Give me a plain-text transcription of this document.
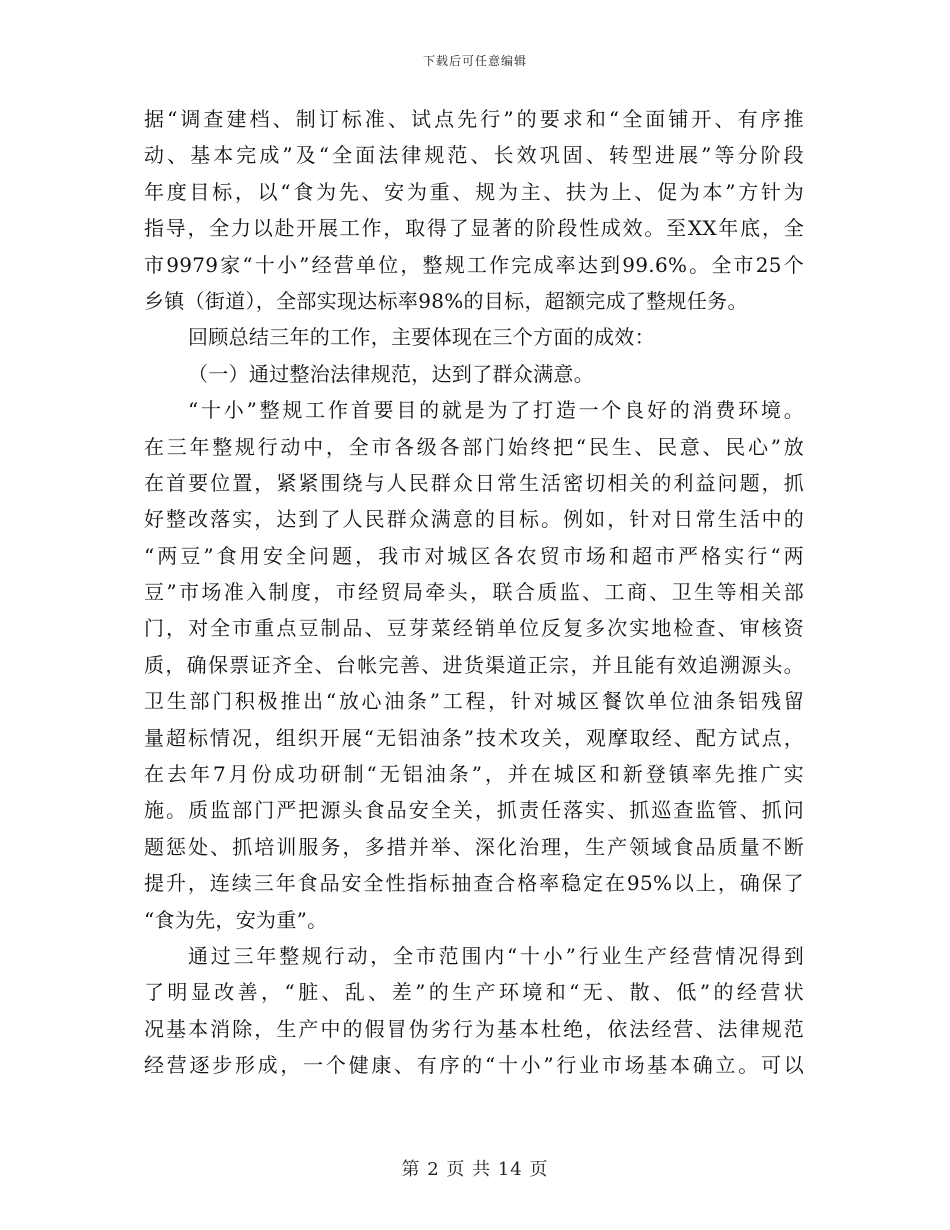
下载后可任意编辑
据“调查建档、制订标准、试点先行”的要求和“全面铺开、有序推
动、基本完成”及“全面法律规范、长效巩固、转型进展”等分阶段
年度目标，以“食为先、安为重、规为主、扶为上、促为本”方针为
指导，全力以赴开展工作，取得了显著的阶段性成效。至XX年底，全
市9979家“十小”经营单位，整规工作完成率达到99.6%。全市25个
乡镇（街道），全部实现达标率98%的目标，超额完成了整规任务。
回顾总结三年的工作，主要体现在三个方面的成效：
（一）通过整治法律规范，达到了群众满意。
“十小”整规工作首要目的就是为了打造一个良好的消费环境。
在三年整规行动中，全市各级各部门始终把“民生、民意、民心”放
在首要位置，紧紧围绕与人民群众日常生活密切相关的利益问题，抓
好整改落实，达到了人民群众满意的目标。例如，针对日常生活中的
“两豆”食用安全问题，我市对城区各农贸市场和超市严格实行“两
豆”市场准入制度，市经贸局牵头，联合质监、工商、卫生等相关部
门，对全市重点豆制品、豆芽菜经销单位反复多次实地检查、审核资
质，确保票证齐全、台帐完善、进货渠道正宗，并且能有效追溯源头。
卫生部门积极推出“放心油条”工程，针对城区餐饮单位油条铝残留
量超标情况，组织开展“无铝油条”技术攻关，观摩取经、配方试点，
在去年7月份成功研制“无铝油条”，并在城区和新登镇率先推广实
施。质监部门严把源头食品安全关，抓责任落实、抓巡查监管、抓问
题惩处、抓培训服务，多措并举、深化治理，生产领域食品质量不断
提升，连续三年食品安全性指标抽查合格率稳定在95%以上，确保了
“食为先，安为重”。
通过三年整规行动，全市范围内“十小”行业生产经营情况得到
了明显改善，“脏、乱、差”的生产环境和“无、散、低”的经营状
况基本消除，生产中的假冒伪劣行为基本杜绝，依法经营、法律规范
经营逐步形成，一个健康、有序的“十小”行业市场基本确立。可以
第 2 页 共 14 页
